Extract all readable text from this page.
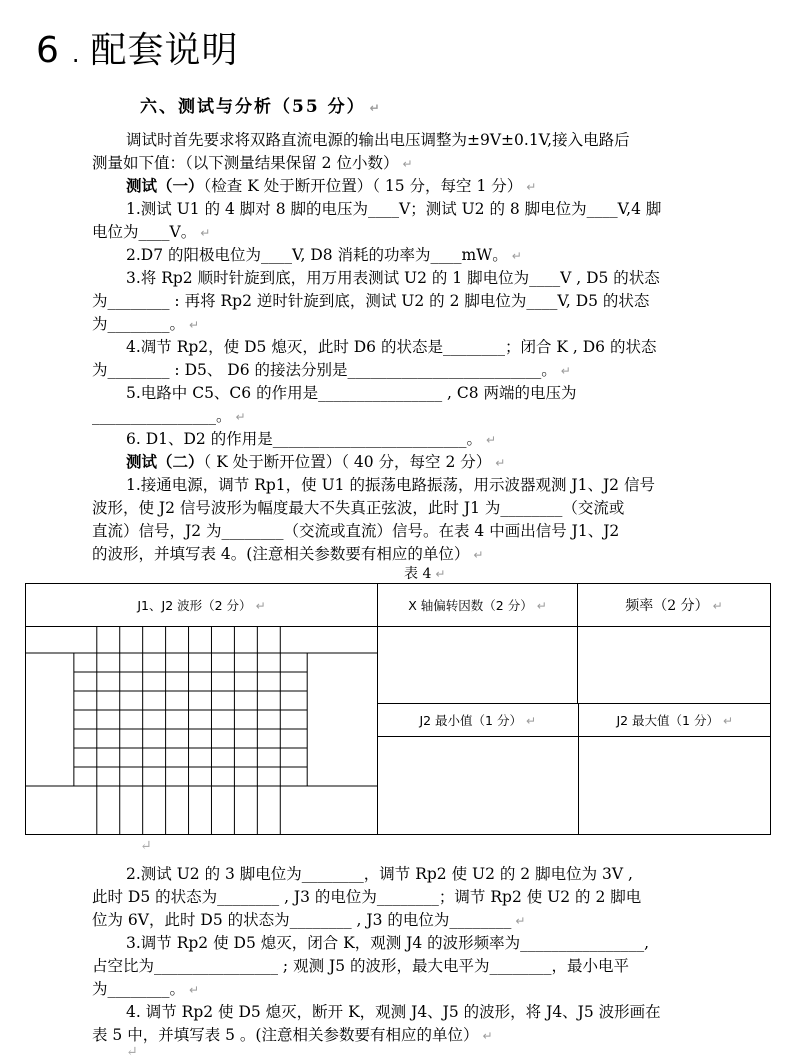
6 . 配套说明
六、测试与分析（55 分） ↵
调试时首先要求将双路直流电源的输出电压调整为±9V±0.1V,接入电路后
测量如下值：（以下测量结果保留 2 位小数） ↵
测试（一）（检查 K 处于断开位置）（ 15 分，每空 1 分） ↵
1.测试 U1 的 4 脚对 8 脚的电压为____V；测试 U2 的 8 脚电位为____V,4 脚
电位为____V。 ↵
2.D7 的阳极电位为____V, D8 消耗的功率为____mW。 ↵
3.将 Rp2 顺时针旋到底，用万用表测试 U2 的 1 脚电位为____V , D5 的状态
为________ : 再将 Rp2 逆时针旋到底，测试 U2 的 2 脚电位为____V, D5 的状态
为________。 ↵
4.凋节 Rp2，使 D5 熄灭，此时 D6 的状态是________；闭合 K , D6 的状态
为________ : D5、 D6 的接法分别是_________________________。 ↵
5.电路中 C5、C6 的作用是________________ , C8 两端的电压为
________________。 ↵
6. D1、D2 的作用是_________________________。 ↵
测试（二）（ K 处于断开位置）（ 40 分，每空 2 分） ↵
1.接通电源，调节 Rp1，使 U1 的振荡电路振荡，用示波器观测 J1、J2 信号
波形，使 J2 信号波形为幅度最大不失真正弦波，此时 J1 为________（交流或
直流）信号，J2 为________（交流或直流）信号。在表 4 中画出信号 J1、J2
的波形，并填写表 4。(注意相关参数要有相应的单位） ↵
表 4 ↵
J1、J2 波形（2 分） ↵	X 轴偏转因数（2 分） ↵	频率（2 分） ↵

J2 最小值（1 分） ↵	J2 最大值（1 分） ↵

↵
2.测试 U2 的 3 脚电位为________，调节 Rp2 使 U2 的 2 脚电位为 3V ,
此时 D5 的状态为________ , J3 的电位为________；调节 Rp2 使 U2 的 2 脚电
位为 6V，此时 D5 的状态为________ , J3 的电位为________ ↵
3.调节 Rp2 使 D5 熄灭，闭合 K，观测 J4 的波形频率为________________,
占空比为________________ ; 观测 J5 的波形，最大电平为________，最小电平
为________。 ↵
4. 调节 Rp2 使 D5 熄灭，断开 K，观测 J4、J5 的波形，将 J4、J5 波形画在
表 5 中，并填写表 5 。(注意相关参数要有相应的单位） ↵
↵
